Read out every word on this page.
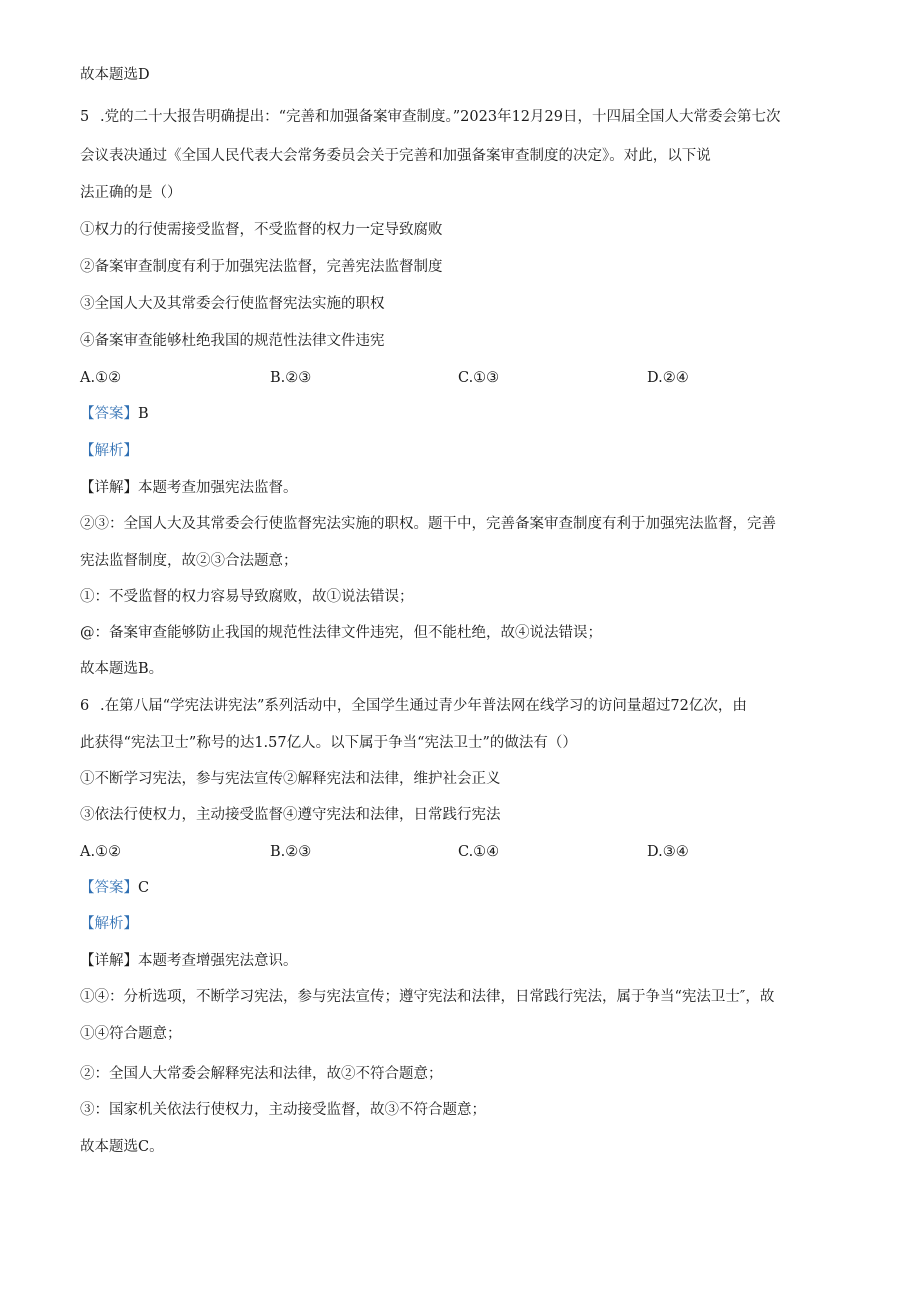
故本题选D
5 .党的二十大报告明确提出：“完善和加强备案审查制度。”2023年12月29日，十四届全国人大常委会第七次
会议表决通过《全国人民代表大会常务委员会关于完善和加强备案审查制度的决定》。对此，以下说
法正确的是（）
①权力的行使需接受监督，不受监督的权力一定导致腐败
②备案审查制度有利于加强宪法监督，完善宪法监督制度
③全国人大及其常委会行使监督宪法实施的职权
④备案审查能够杜绝我国的规范性法律文件违宪
A.①②	B.②③	C.①③	D.②④
【答案】B
【解析】
【详解】本题考查加强宪法监督。
②③：全国人大及其常委会行使监督宪法实施的职权。题干中，完善备案审查制度有利于加强宪法监督，完善
宪法监督制度，故②③合法题意；
①：不受监督的权力容易导致腐败，故①说法错误；
@：备案审查能够防止我国的规范性法律文件违宪，但不能杜绝，故④说法错误；
故本题选B。
6 .在第八届“学宪法讲宪法”系列活动中，全国学生通过青少年普法网在线学习的访问量超过72亿次，由
此获得“宪法卫士”称号的达1.57亿人。以下属于争当“宪法卫士”的做法有（）
①不断学习宪法，参与宪法宣传②解释宪法和法律，维护社会正义
③依法行使权力，主动接受监督④遵守宪法和法律，日常践行宪法
A.①②	B.②③	C.①④	D.③④
【答案】C
【解析】
【详解】本题考查增强宪法意识。
①④：分析选项，不断学习宪法，参与宪法宣传；遵守宪法和法律，日常践行宪法，属于争当“宪法卫士″，故
①④符合题意；
②：全国人大常委会解释宪法和法律，故②不符合题意；
③：国家机关依法行使权力，主动接受监督，故③不符合题意；
故本题选C。
